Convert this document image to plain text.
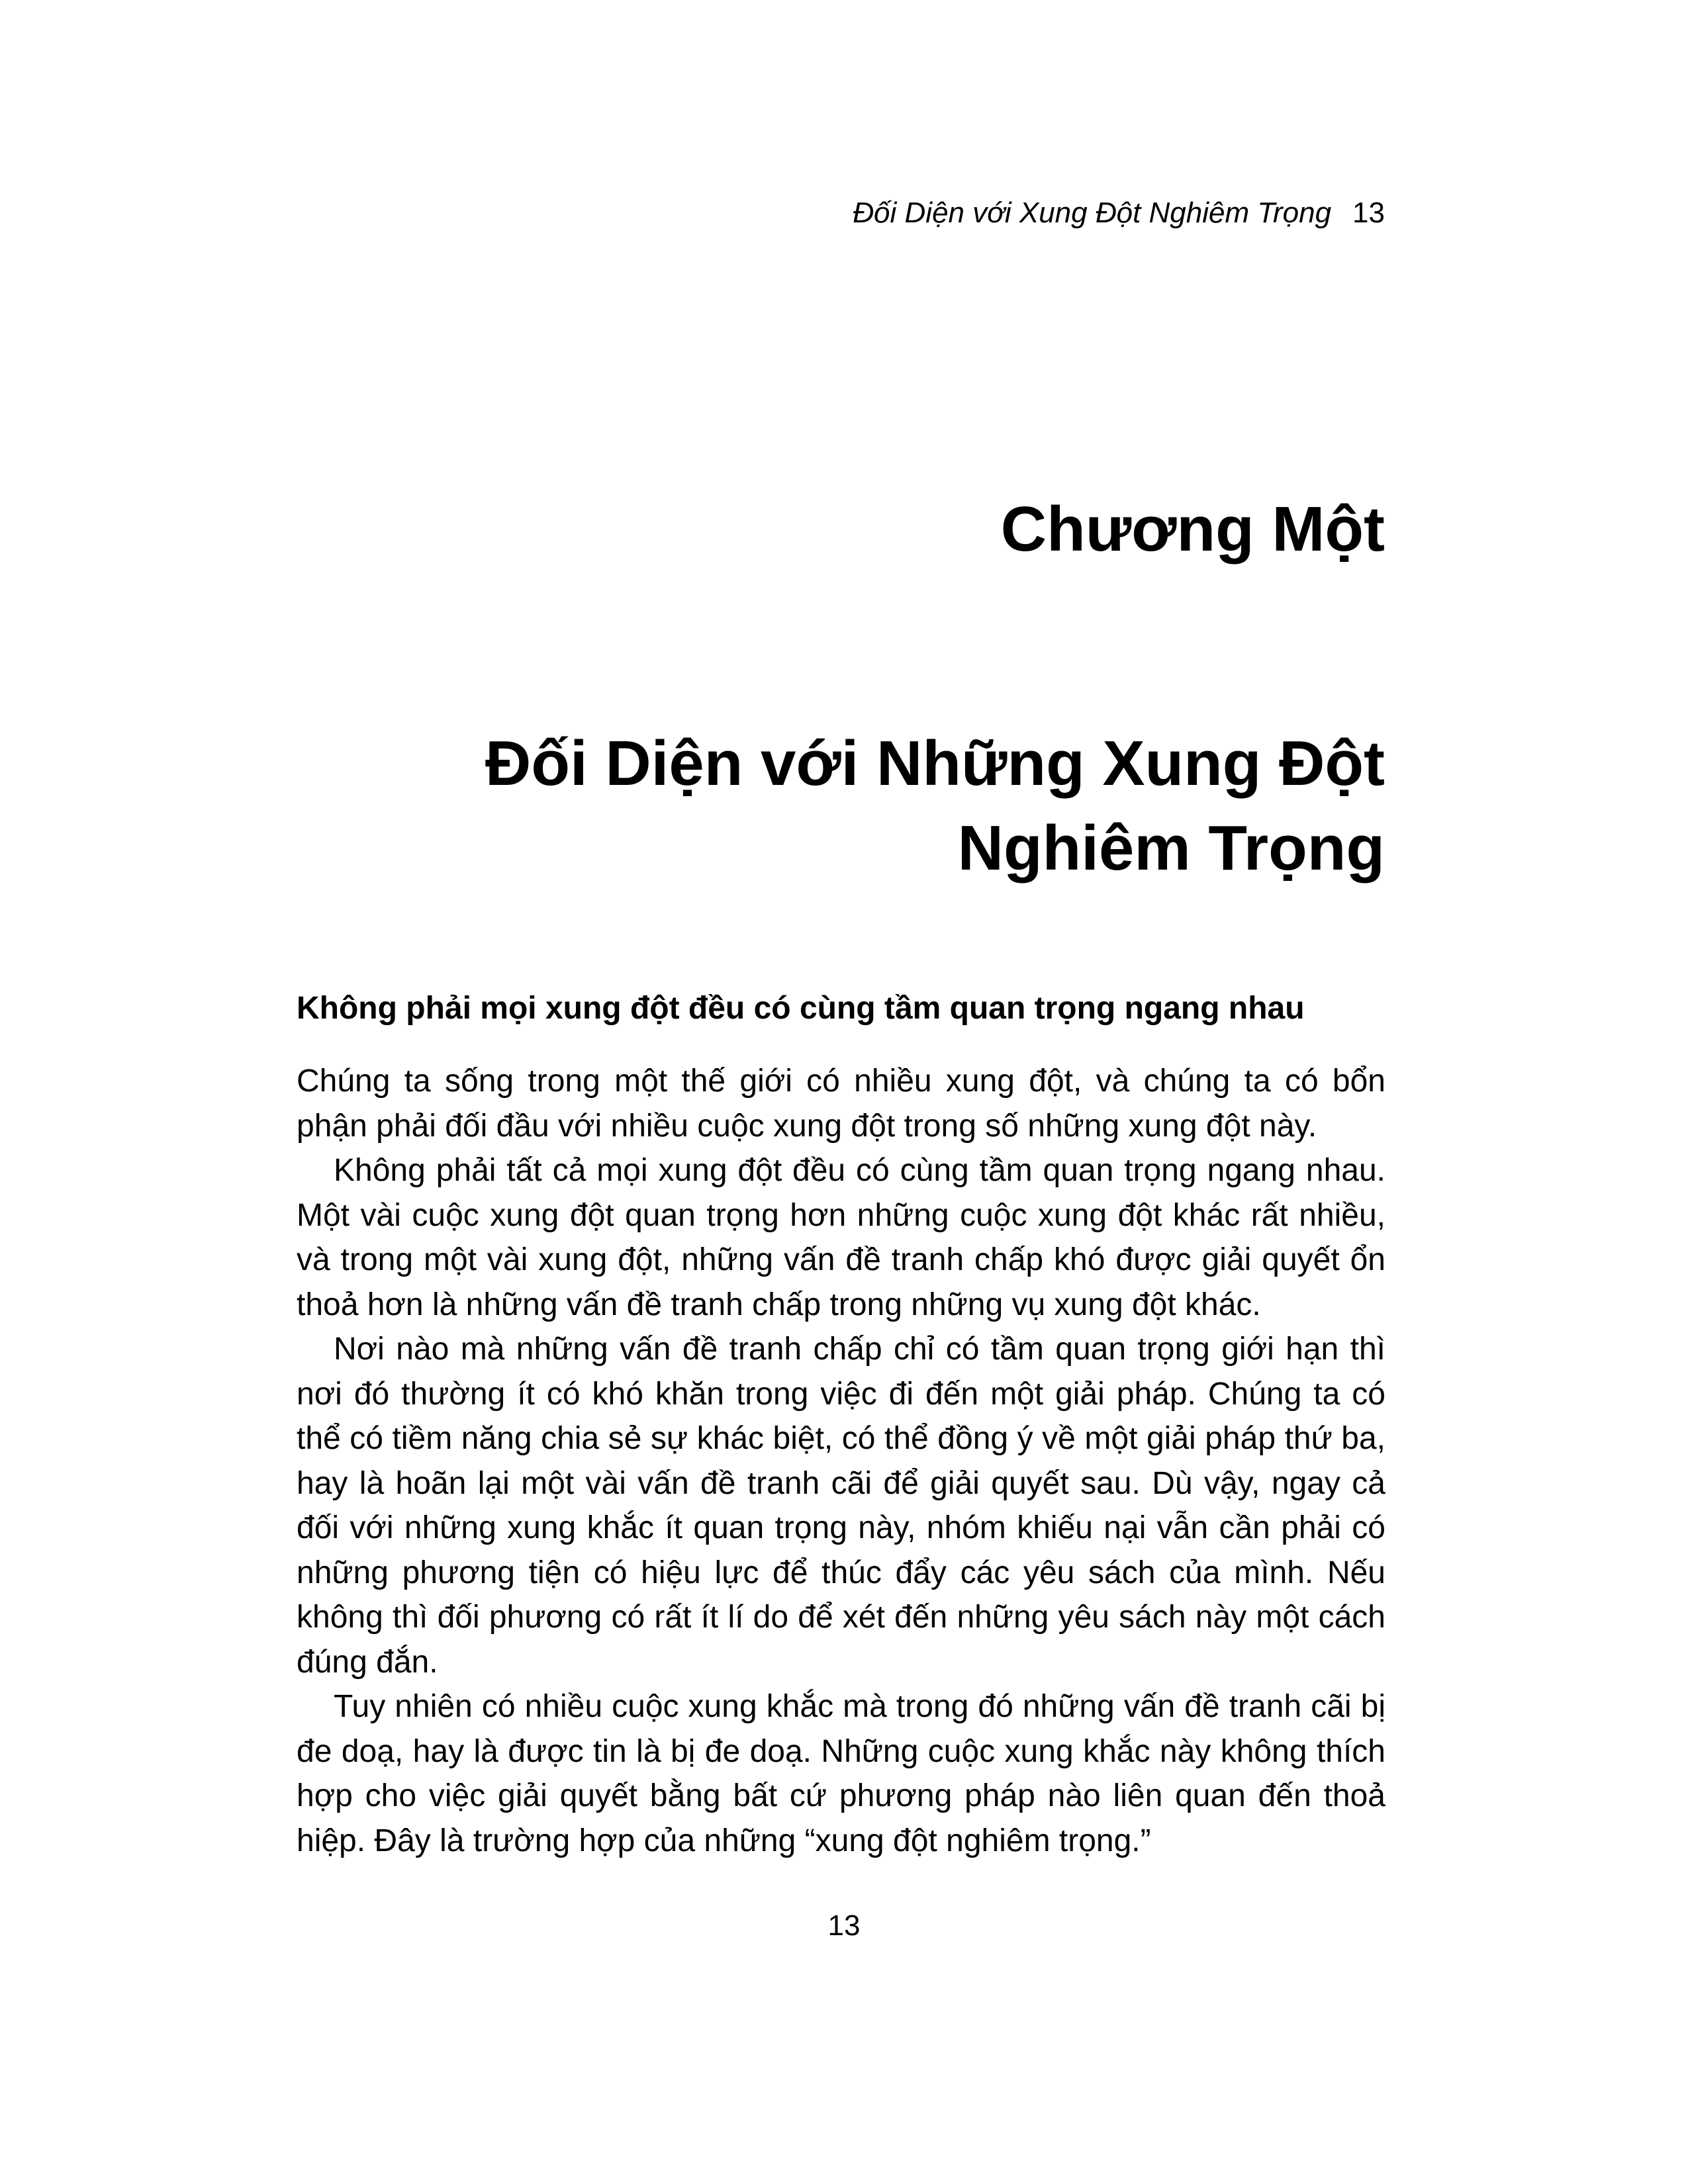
Đối Diện với Xung Đột Nghiêm Trọng 13
Chương Một
Đối Diện với Những Xung Đột
Nghiêm Trọng
Không phải mọi xung đột đều có cùng tầm quan trọng ngang nhau

Chúng ta sống trong một thế giới có nhiều xung đột, và chúng ta có bổn phận phải đối đầu với nhiều cuộc xung đột trong số những xung đột này.

Không phải tất cả mọi xung đột đều có cùng tầm quan trọng ngang nhau. Một vài cuộc xung đột quan trọng hơn những cuộc xung đột khác rất nhiều, và trong một vài xung đột, những vấn đề tranh chấp khó được giải quyết ổn thoả hơn là những vấn đề tranh chấp trong những vụ xung đột khác.

Nơi nào mà những vấn đề tranh chấp chỉ có tầm quan trọng giới hạn thì nơi đó thường ít có khó khăn trong việc đi đến một giải pháp. Chúng ta có thể có tiềm năng chia sẻ sự khác biệt, có thể đồng ý về một giải pháp thứ ba, hay là hoãn lại một vài vấn đề tranh cãi để giải quyết sau. Dù vậy, ngay cả đối với những xung khắc ít quan trọng này, nhóm khiếu nại vẫn cần phải có những phương tiện có hiệu lực để thúc đẩy các yêu sách của mình. Nếu không thì đối phương có rất ít lí do để xét đến những yêu sách này một cách đúng đắn.

Tuy nhiên có nhiều cuộc xung khắc mà trong đó những vấn đề tranh cãi bị đe doạ, hay là được tin là bị đe doạ. Những cuộc xung khắc này không thích hợp cho việc giải quyết bằng bất cứ phương pháp nào liên quan đến thoả hiệp. Đây là trường hợp của những “xung đột nghiêm trọng.”

13
